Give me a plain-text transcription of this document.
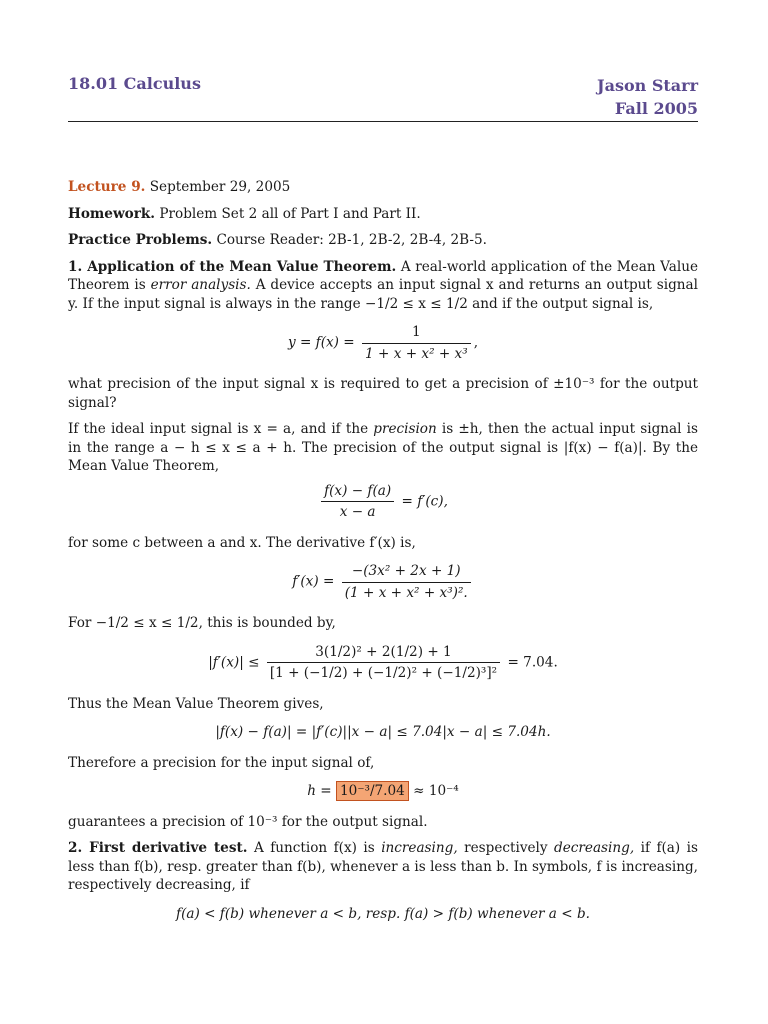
18.01 Calculus	Jason Starr
Fall 2005

Lecture 9. September 29, 2005

Homework. Problem Set 2 all of Part I and Part II.

Practice Problems. Course Reader: 2B-1, 2B-2, 2B-4, 2B-5.

1. Application of the Mean Value Theorem. A real-world application of the Mean Value Theorem is error analysis. A device accepts an input signal x and returns an output signal y. If the input signal is always in the range −1/2 ≤ x ≤ 1/2 and if the output signal is,

$y = f(x) = \frac{1}{\text{1 + x + x² + x³}}$ ,

what precision of the input signal x is required to get a precision of ±10⁻³ for the output signal?

If the ideal input signal is x = a, and if the precision is ±h, then the actual input signal is in the range a − h ≤ x ≤ a + h. The precision of the output signal is |f(x) − f(a)|. By the Mean Value Theorem,

$\frac{f(x) - f(a)}{x - a} = f'(c)$,

for some c between a and x. The derivative f′(x) is,

$f'(x) = \frac{\text{−(3x² + 2x + 1)}}{\text{(1 + x + x² + x³)².}}$

For −1/2 ≤ x ≤ 1/2, this is bounded by,

$|f'(x)| \le \frac{\text{3(1/2)² + 2(1/2) + 1}}{\text{[1 + (−1/2) + (−1/2)² + (−1/2)³]²}} = 7.04$.

Thus the Mean Value Theorem gives,

|f(x) − f(a)| = |f′(c)||x − a| ≤ 7.04|x − a| ≤ 7.04h.

Therefore a precision for the input signal of,

h = 10⁻³/7.04 ≈ 10⁻⁴

guarantees a precision of 10⁻³ for the output signal.

2. First derivative test. A function f(x) is increasing, respectively decreasing, if f(a) is less than f(b), resp. greater than f(b), whenever a is less than b. In symbols, f is increasing, respectively decreasing, if

f(a) < f(b) whenever a < b, resp. f(a) > f(b) whenever a < b.
